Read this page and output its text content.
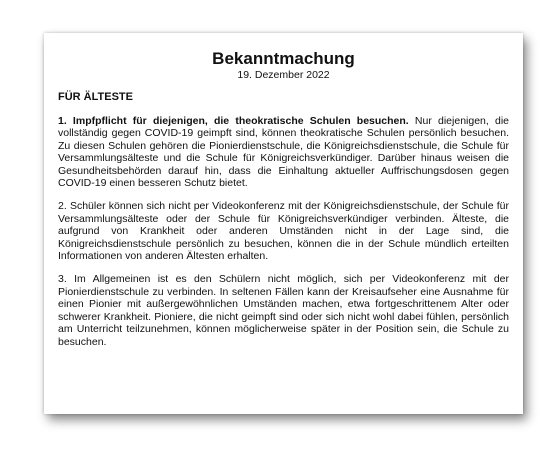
Bekanntmachung

19. Dezember 2022

FÜR ÄLTESTE

1. Impfpflicht für diejenigen, die theokratische Schulen besuchen. Nur diejenigen, die vollständig gegen COVID-19 geimpft sind, können theokratische Schulen persönlich besuchen. Zu diesen Schulen gehören die Pionierdienstschule, die Königreichsdienstschule, die Schule für Versammlungsälteste und die Schule für Königreichsverkündiger. Darüber hinaus weisen die Gesundheitsbehörden darauf hin, dass die Einhaltung aktueller Auffrischungsdosen gegen COVID-19 einen besseren Schutz bietet.

2. Schüler können sich nicht per Videokonferenz mit der Königreichsdienstschule, der Schule für Versammlungsälteste oder der Schule für Königreichsverkündiger verbinden. Älteste, die aufgrund von Krankheit oder anderen Umständen nicht in der Lage sind, die Königreichsdienstschule persönlich zu besuchen, können die in der Schule mündlich erteilten Informationen von anderen Ältesten erhalten.

3. Im Allgemeinen ist es den Schülern nicht möglich, sich per Videokonferenz mit der Pionierdienstschule zu verbinden. In seltenen Fällen kann der Kreisaufseher eine Ausnahme für einen Pionier mit außergewöhnlichen Umständen machen, etwa fortgeschrittenem Alter oder schwerer Krankheit. Pioniere, die nicht geimpft sind oder sich nicht wohl dabei fühlen, persönlich am Unterricht teilzunehmen, können möglicherweise später in der Position sein, die Schule zu besuchen.
